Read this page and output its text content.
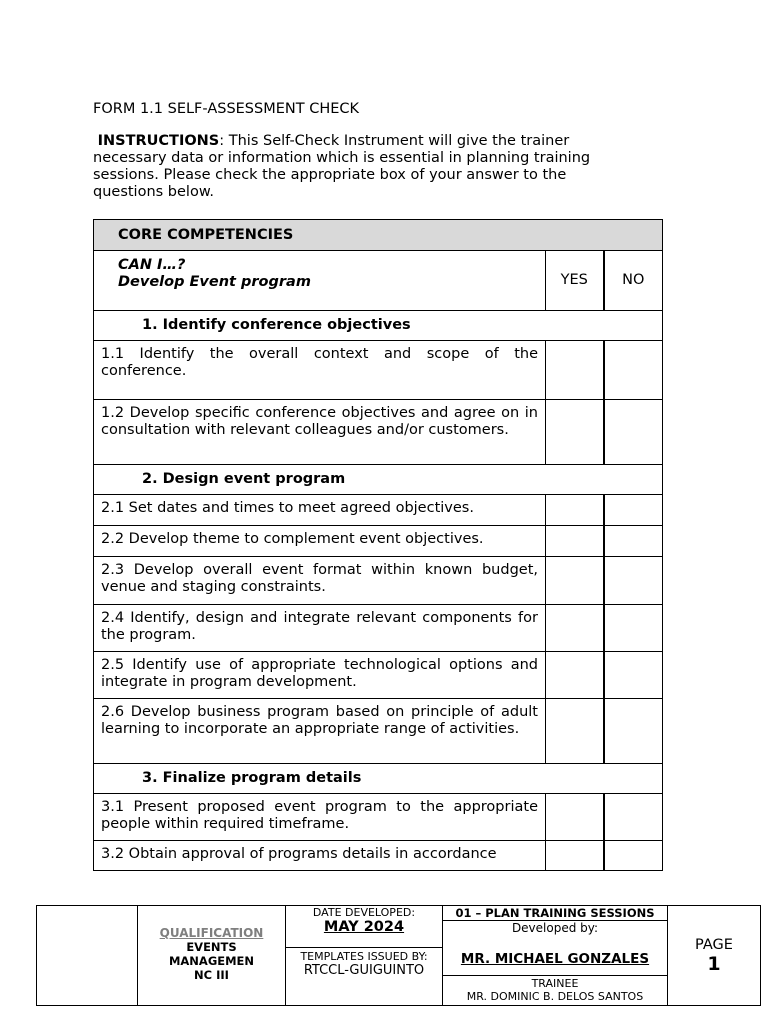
FORM 1.1 SELF-ASSESSMENT CHECK
INSTRUCTIONS: This Self-Check Instrument will give the trainer necessary data or information which is essential in planning training sessions. Please check the appropriate box of your answer to the questions below.
CORE COMPETENCIES		

CAN I…?
Develop Event program	YES	NO
1. Identify conference objectives		
1.1 Identify the overall context and scope of the conference.		
1.2 Develop specific conference objectives and agree on in consultation with relevant colleagues and/or customers.		
2. Design event program		
2.1 Set dates and times to meet agreed objectives.		
2.2 Develop theme to complement event objectives.		
2.3 Develop overall event format within known budget, venue and staging constraints.		
2.4 Identify, design and integrate relevant components for the program.		
2.5 Identify use of appropriate technological options and integrate in program development.		
2.6 Develop business program based on principle of adult learning to incorporate an appropriate range of activities.		
3. Finalize program details		
3.1 Present proposed event program to the appropriate people within required timeframe.		
3.2 Obtain approval of programs details in accordance		

QUALIFICATION
EVENTS
MANAGEMEN
NC III

DATE DEVELOPED:
MAY 2024
TEMPLATES ISSUED BY:
RTCCL-GUIGUINTO

01 – PLAN TRAINING SESSIONS
Developed by:
MR. MICHAEL GONZALES
TRAINEE
MR. DOMINIC B. DELOS SANTOS

PAGE
1
